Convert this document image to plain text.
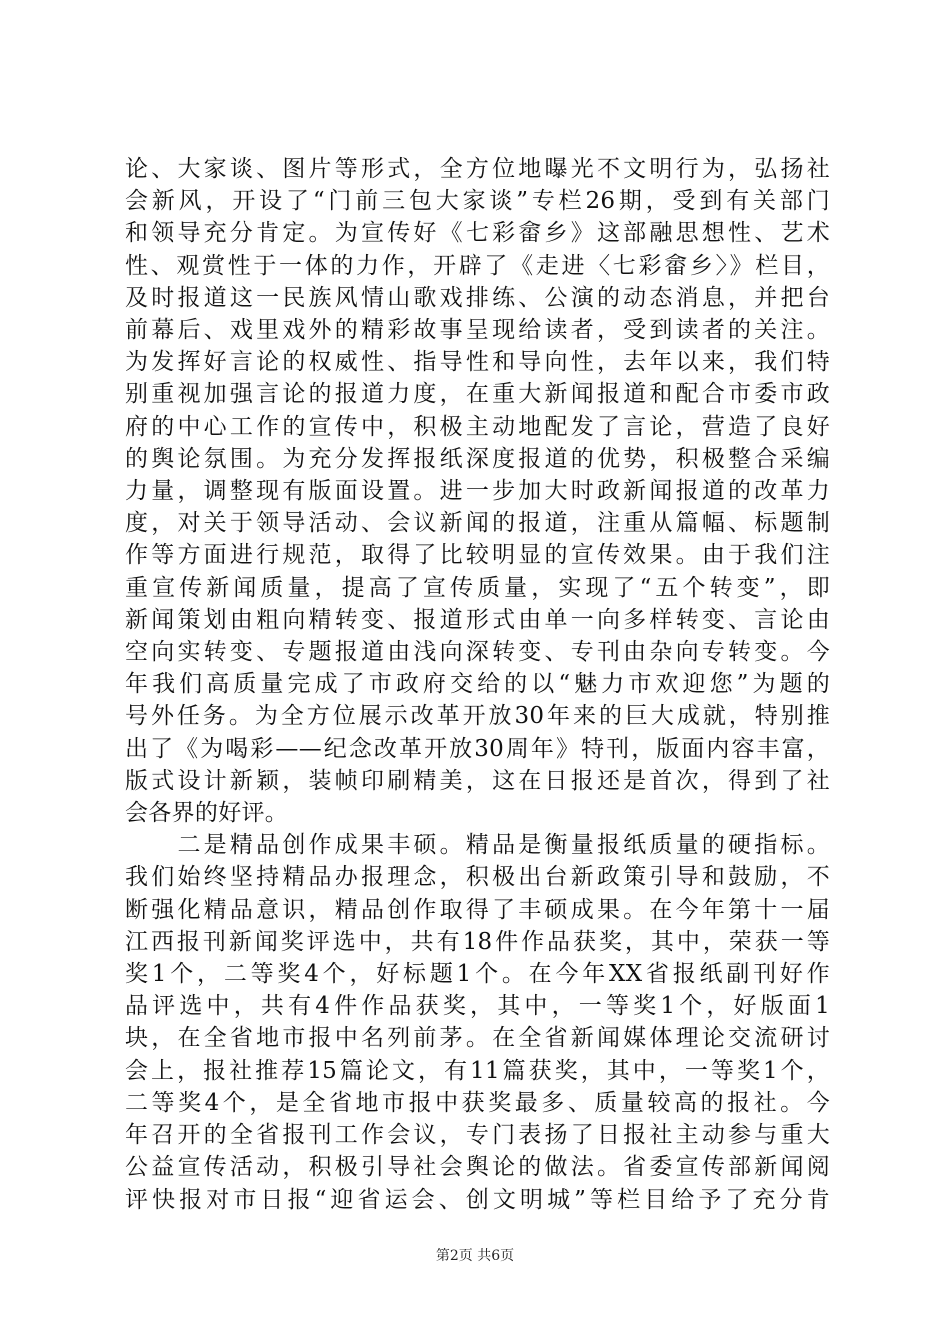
论、大家谈、图片等形式，全方位地曝光不文明行为，弘扬社
会新风，开设了“门前三包大家谈”专栏26期，受到有关部门
和领导充分肯定。为宣传好《七彩畲乡》这部融思想性、艺术
性、观赏性于一体的力作，开辟了《走进〈七彩畲乡〉》栏目，
及时报道这一民族风情山歌戏排练、公演的动态消息，并把台
前幕后、戏里戏外的精彩故事呈现给读者，受到读者的关注。
为发挥好言论的权威性、指导性和导向性，去年以来，我们特
别重视加强言论的报道力度，在重大新闻报道和配合市委市政
府的中心工作的宣传中，积极主动地配发了言论，营造了良好
的舆论氛围。为充分发挥报纸深度报道的优势，积极整合采编
力量，调整现有版面设置。进一步加大时政新闻报道的改革力
度，对关于领导活动、会议新闻的报道，注重从篇幅、标题制
作等方面进行规范，取得了比较明显的宣传效果。由于我们注
重宣传新闻质量，提高了宣传质量，实现了“五个转变”，即
新闻策划由粗向精转变、报道形式由单一向多样转变、言论由
空向实转变、专题报道由浅向深转变、专刊由杂向专转变。今
年我们高质量完成了市政府交给的以“魅力市欢迎您”为题的
号外任务。为全方位展示改革开放30年来的巨大成就，特别推
出了《为喝彩——纪念改革开放30周年》特刊，版面内容丰富，
版式设计新颖，装帧印刷精美，这在日报还是首次，得到了社
会各界的好评。
　　二是精品创作成果丰硕。精品是衡量报纸质量的硬指标。
我们始终坚持精品办报理念，积极出台新政策引导和鼓励，不
断强化精品意识，精品创作取得了丰硕成果。在今年第十一届
江西报刊新闻奖评选中，共有18件作品获奖，其中，荣获一等
奖1个，二等奖4个，好标题1个。在今年XX省报纸副刊好作
品评选中，共有4件作品获奖，其中，一等奖1个，好版面1
块，在全省地市报中名列前茅。在全省新闻媒体理论交流研讨
会上，报社推荐15篇论文，有11篇获奖，其中，一等奖1个，
二等奖4个，是全省地市报中获奖最多、质量较高的报社。今
年召开的全省报刊工作会议，专门表扬了日报社主动参与重大
公益宣传活动，积极引导社会舆论的做法。省委宣传部新闻阅
评快报对市日报“迎省运会、创文明城”等栏目给予了充分肯
第2页 共6页
